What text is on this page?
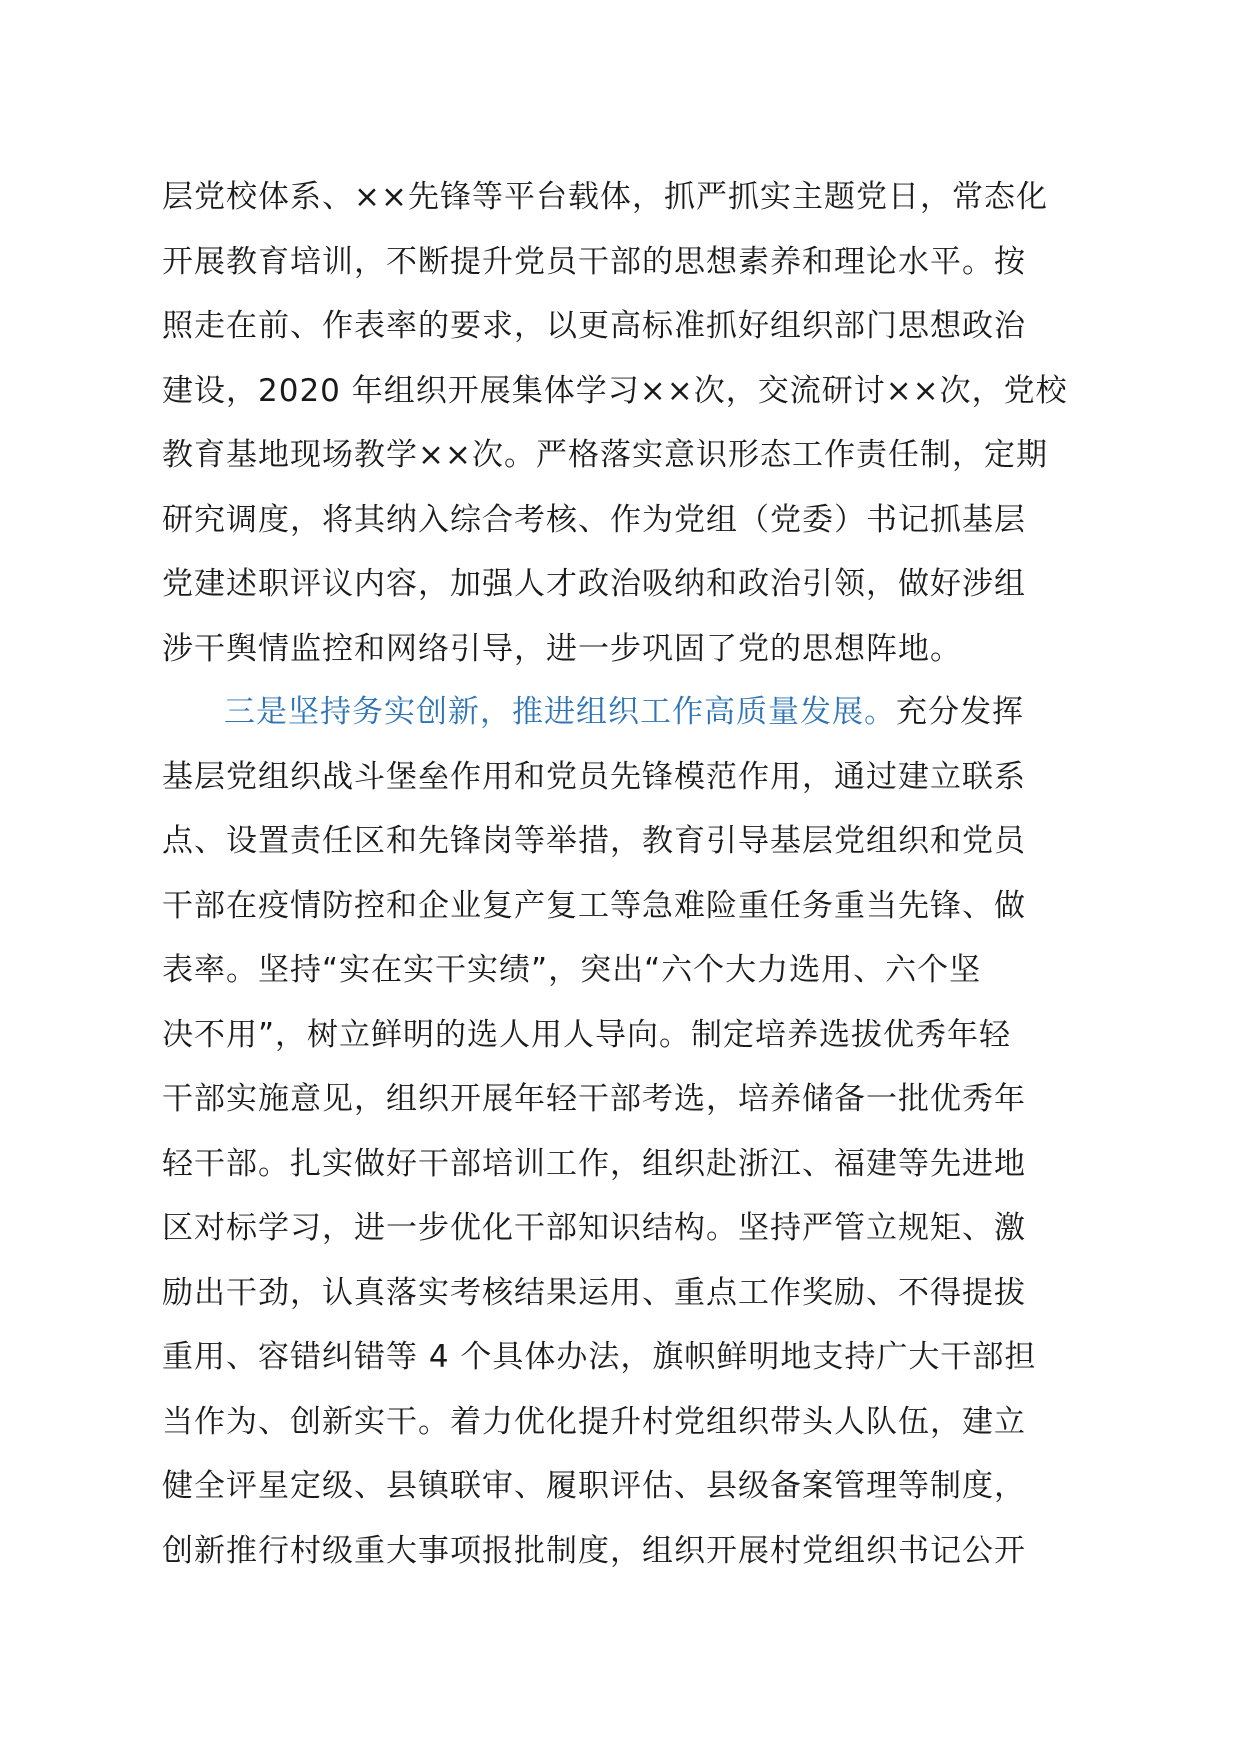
层党校体系、××先锋等平台载体，抓严抓实主题党日，常态化
开展教育培训，不断提升党员干部的思想素养和理论水平。按
照走在前、作表率的要求，以更高标准抓好组织部门思想政治
建设，2020 年组织开展集体学习××次，交流研讨××次，党校
教育基地现场教学××次。严格落实意识形态工作责任制，定期
研究调度，将其纳入综合考核、作为党组（党委）书记抓基层
党建述职评议内容，加强人才政治吸纳和政治引领，做好涉组
涉干舆情监控和网络引导，进一步巩固了党的思想阵地。
三是坚持务实创新，推进组织工作高质量发展。充分发挥
基层党组织战斗堡垒作用和党员先锋模范作用，通过建立联系
点、设置责任区和先锋岗等举措，教育引导基层党组织和党员
干部在疫情防控和企业复产复工等急难险重任务重当先锋、做
表率。坚持“实在实干实绩”，突出“六个大力选用、六个坚
决不用”，树立鲜明的选人用人导向。制定培养选拔优秀年轻
干部实施意见，组织开展年轻干部考选，培养储备一批优秀年
轻干部。扎实做好干部培训工作，组织赴浙江、福建等先进地
区对标学习，进一步优化干部知识结构。坚持严管立规矩、激
励出干劲，认真落实考核结果运用、重点工作奖励、不得提拔
重用、容错纠错等 4 个具体办法，旗帜鲜明地支持广大干部担
当作为、创新实干。着力优化提升村党组织带头人队伍，建立
健全评星定级、县镇联审、履职评估、县级备案管理等制度，
创新推行村级重大事项报批制度，组织开展村党组织书记公开
